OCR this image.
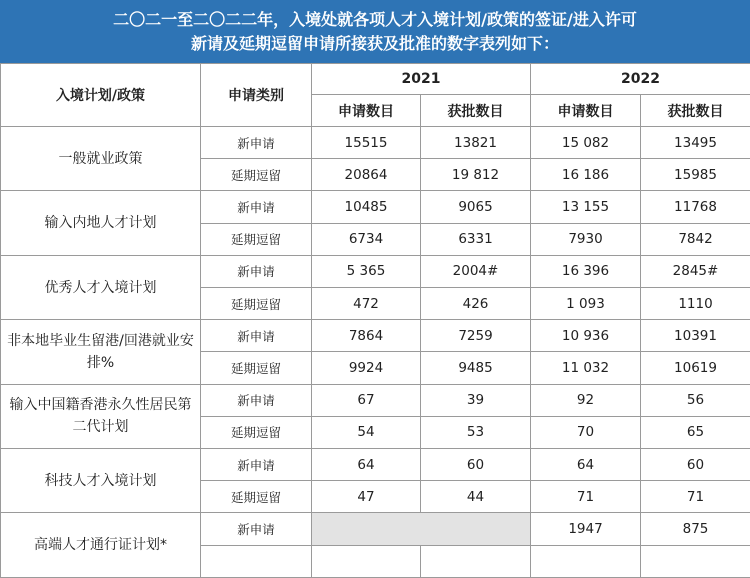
二〇二一至二〇二二年，入境处就各项人才入境计划/政策的签证/进入许可
新请及延期逗留申请所接获及批准的数字表列如下：
入境计划/政策	申请类别	2021		2022	
		申请数目	获批数目	申请数目	获批数目
一般就业政策	新申请	15515	13821	15 082	13495
	延期逗留	20864	19 812	16 186	15985
输入内地人才计划	新申请	10485	9065	13 155	11768
	延期逗留	6734	6331	7930	7842
优秀人才入境计划	新申请	5 365	2004#	16 396	2845#
	延期逗留	472	426	1 093	1110
非本地毕业生留港/回港就业安排%	新申请	7864	7259	10 936	10391
	延期逗留	9924	9485	11 032	10619
输入中国籍香港永久性居民第二代计划	新申请	67	39	92	56
	延期逗留	54	53	70	65
科技人才入境计划	新申请	64	60	64	60
	延期逗留	47	44	71	71
高端人才通行证计划*	新申请			1947	875
